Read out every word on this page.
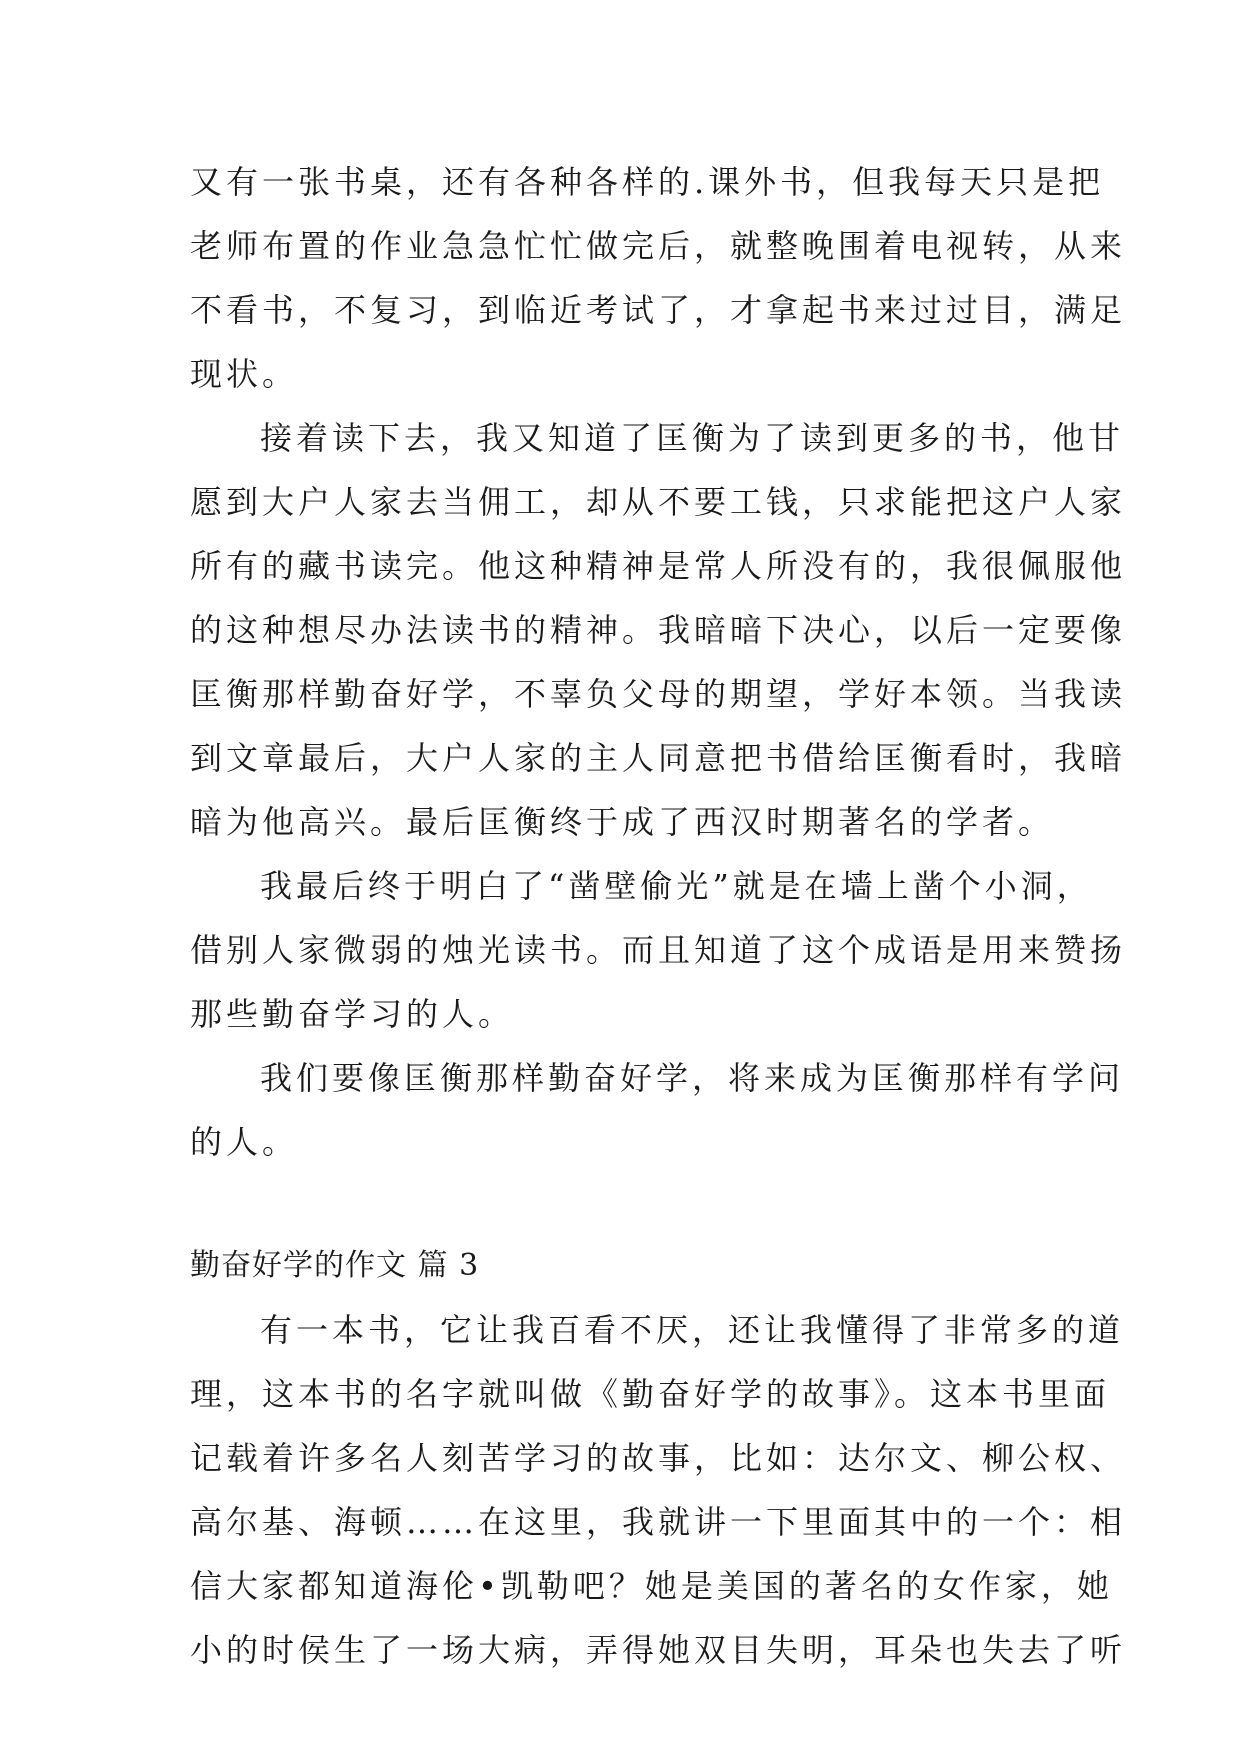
又有一张书桌，还有各种各样的.课外书，但我每天只是把
老师布置的作业急急忙忙做完后，就整晚围着电视转，从来
不看书，不复习，到临近考试了，才拿起书来过过目，满足
现状。
接着读下去，我又知道了匡衡为了读到更多的书，他甘
愿到大户人家去当佣工，却从不要工钱，只求能把这户人家
所有的藏书读完。他这种精神是常人所没有的，我很佩服他
的这种想尽办法读书的精神。我暗暗下决心，以后一定要像
匡衡那样勤奋好学，不辜负父母的期望，学好本领。当我读
到文章最后，大户人家的主人同意把书借给匡衡看时，我暗
暗为他高兴。最后匡衡终于成了西汉时期著名的学者。
我最后终于明白了“凿壁偷光”就是在墙上凿个小洞，
借别人家微弱的烛光读书。而且知道了这个成语是用来赞扬
那些勤奋学习的人。
我们要像匡衡那样勤奋好学，将来成为匡衡那样有学问
的人。
勤奋好学的作文 篇 3
有一本书，它让我百看不厌，还让我懂得了非常多的道
理，这本书的名字就叫做《勤奋好学的故事》。这本书里面
记载着许多名人刻苦学习的故事，比如：达尔文、柳公权、
高尔基、海顿……在这里，我就讲一下里面其中的一个：相
信大家都知道海伦•凯勒吧？她是美国的著名的女作家，她
小的时侯生了一场大病，弄得她双目失明，耳朵也失去了听
